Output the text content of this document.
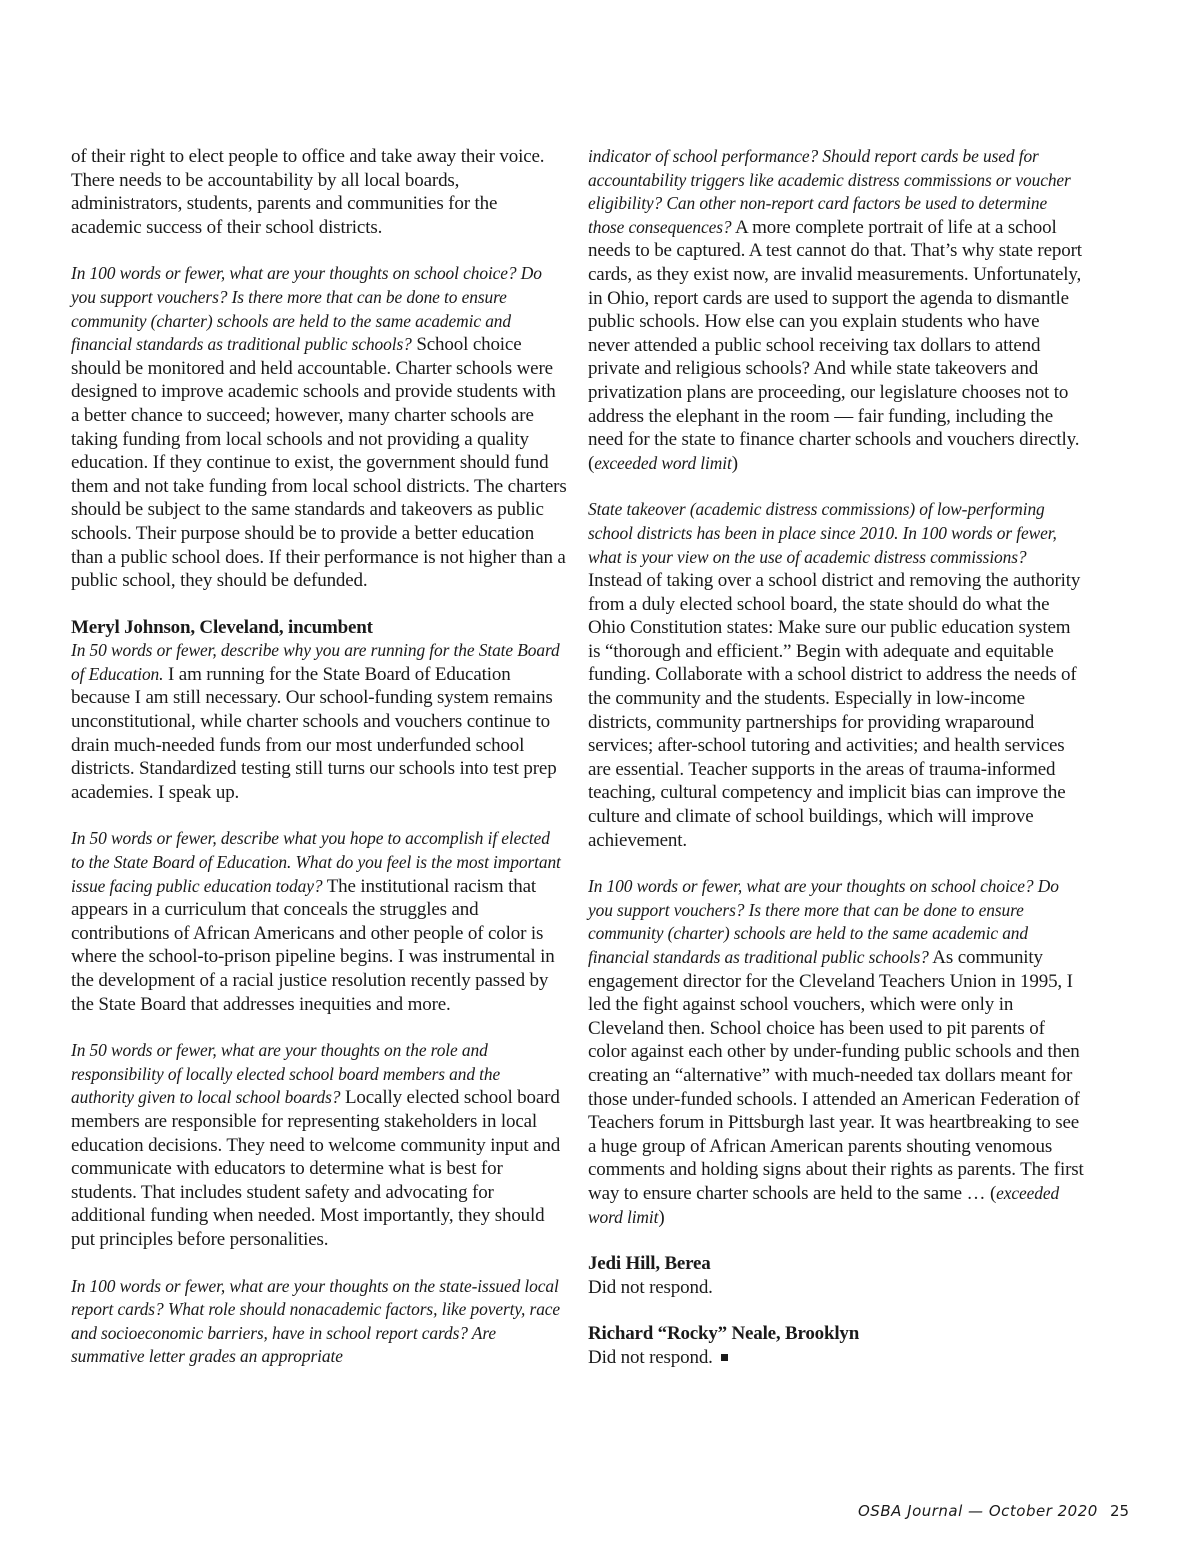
of their right to elect people to office and take away their voice. There needs to be accountability by all local boards, administrators, students, parents and communities for the academic success of their school districts.

In 100 words or fewer, what are your thoughts on school choice? Do you support vouchers? Is there more that can be done to ensure community (charter) schools are held to the same academic and financial standards as traditional public schools? School choice should be monitored and held accountable. Charter schools were designed to improve academic schools and provide students with a better chance to succeed; however, many charter schools are taking funding from local schools and not providing a quality education. If they continue to exist, the government should fund them and not take funding from local school districts. The charters should be subject to the same standards and takeovers as public schools. Their purpose should be to provide a better education than a public school does. If their performance is not higher than a public school, they should be defunded.

Meryl Johnson, Cleveland, incumbent

In 50 words or fewer, describe why you are running for the State Board of Education. I am running for the State Board of Education because I am still necessary. Our school-funding system remains unconstitutional, while charter schools and vouchers continue to drain much-needed funds from our most underfunded school districts. Standardized testing still turns our schools into test prep academies. I speak up.

In 50 words or fewer, describe what you hope to accomplish if elected to the State Board of Education. What do you feel is the most important issue facing public education today? The institutional racism that appears in a curriculum that conceals the struggles and contributions of African Americans and other people of color is where the school-to-prison pipeline begins. I was instrumental in the development of a racial justice resolution recently passed by the State Board that addresses inequities and more.

In 50 words or fewer, what are your thoughts on the role and responsibility of locally elected school board members and the authority given to local school boards? Locally elected school board members are responsible for representing stakeholders in local education decisions. They need to welcome community input and communicate with educators to determine what is best for students. That includes student safety and advocating for additional funding when needed. Most importantly, they should put principles before personalities.

In 100 words or fewer, what are your thoughts on the state-issued local report cards? What role should nonacademic factors, like poverty, race and socioeconomic barriers, have in school report cards? Are summative letter grades an appropriate

indicator of school performance? Should report cards be used for accountability triggers like academic distress commissions or voucher eligibility? Can other non-report card factors be used to determine those consequences? A more complete portrait of life at a school needs to be captured. A test cannot do that. That’s why state report cards, as they exist now, are invalid measurements. Unfortunately, in Ohio, report cards are used to support the agenda to dismantle public schools. How else can you explain students who have never attended a public school receiving tax dollars to attend private and religious schools? And while state takeovers and privatization plans are proceeding, our legislature chooses not to address the elephant in the room — fair funding, including the need for the state to finance charter schools and vouchers directly. (exceeded word limit)

State takeover (academic distress commissions) of low-performing school districts has been in place since 2010. In 100 words or fewer, what is your view on the use of academic distress commissions? Instead of taking over a school district and removing the authority from a duly elected school board, the state should do what the Ohio Constitution states: Make sure our public education system is “thorough and efficient.” Begin with adequate and equitable funding. Collaborate with a school district to address the needs of the community and the students. Especially in low-income districts, community partnerships for providing wraparound services; after-school tutoring and activities; and health services are essential. Teacher supports in the areas of trauma-informed teaching, cultural competency and implicit bias can improve the culture and climate of school buildings, which will improve achievement.

In 100 words or fewer, what are your thoughts on school choice? Do you support vouchers? Is there more that can be done to ensure community (charter) schools are held to the same academic and financial standards as traditional public schools? As community engagement director for the Cleveland Teachers Union in 1995, I led the fight against school vouchers, which were only in Cleveland then. School choice has been used to pit parents of color against each other by under-funding public schools and then creating an “alternative” with much-needed tax dollars meant for those under-funded schools. I attended an American Federation of Teachers forum in Pittsburgh last year. It was heartbreaking to see a huge group of African American parents shouting venomous comments and holding signs about their rights as parents. The first way to ensure charter schools are held to the same … (exceeded word limit)

Jedi Hill, Berea

Did not respond.

Richard “Rocky” Neale, Brooklyn

Did not respond.

OSBA Journal — October 2020 25
